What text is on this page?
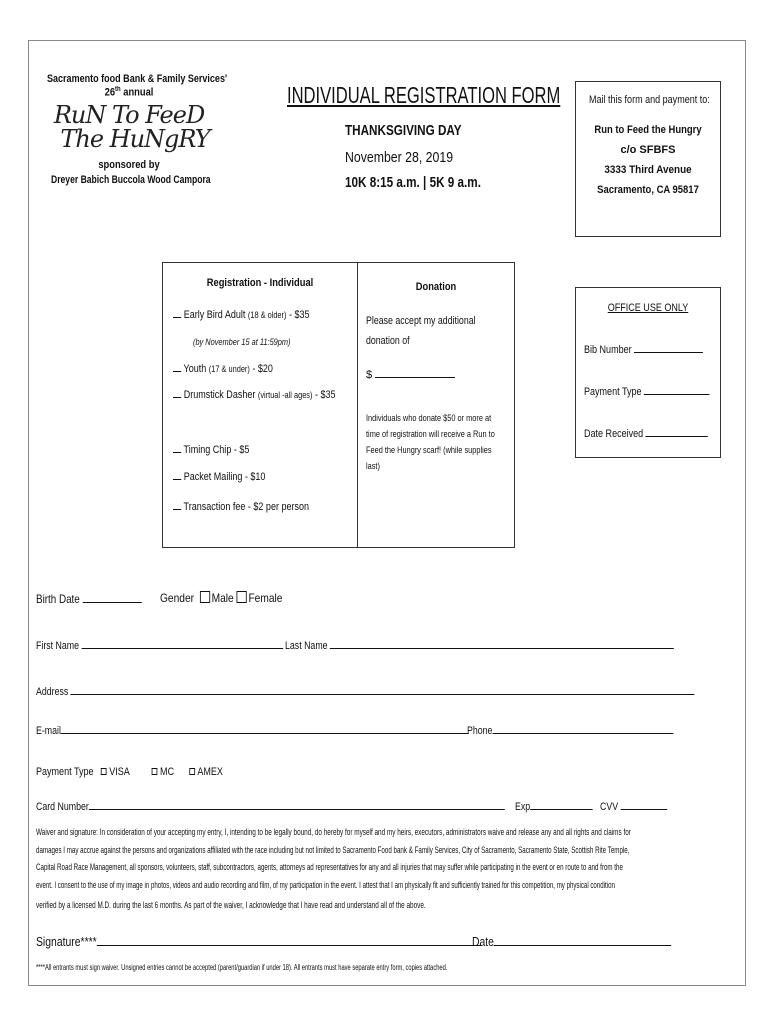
Sacramento food Bank & Family Services'
26th annual
RuN To FeeD
The HuNgRY
sponsored by
Dreyer Babich Buccola Wood Campora
INDIVIDUAL REGISTRATION FORM
THANKSGIVING DAY
November 28, 2019
10K 8:15 a.m. | 5K 9 a.m.
Mail this form and payment to:
Run to Feed the Hungry
c/o SFBFS
3333 Third Avenue
Sacramento, CA 95817
Registration - Individual
Early Bird Adult (18 & older) - $35
(by November 15 at 11:59pm)
Youth (17 & under) - $20
Drumstick Dasher (virtual -all ages) - $35
Timing Chip - $5
Packet Mailing - $10
Transaction fee - $2 per person
Donation
Please accept my additional
donation of
$
Individuals who donate $50 or more at
time of registration will receive a Run to
Feed the Hungry scarf! (while supplies
last)
OFFICE USE ONLY
Bib Number
Payment Type
Date Received
Birth Date	Gender Male Female
First Name	Last Name
Address
E-mail	Phone
Payment Type VISA	MC AMEX
Card Number	Exp	CVV
Waiver and signature: In consideration of your accepting my entry, I, intending to be legally bound, do hereby for myself and my heirs, executors, administrators waive and release any and all rights and claims for
damages I may accrue against the persons and organizations affiliated with the race including but not limited to Sacramento Food bank & Family Services, City of Sacramento, Sacramento State, Scottish Rite Temple,
Capital Road Race Management, all sponsors, volunteers, staff, subcontractors, agents, attorneys ad representatives for any and all injuries that may suffer while participating in the event or en route to and from the
event. I consent to the use of my image in photos, videos and audio recording and film, of my participation in the event. I attest that I am physically fit and sufficiently trained for this competition, my physical condition
verified by a licensed M.D. during the last 6 months. As part of the waiver, I acknowledge that I have read and understand all of the above.
Signature****	Date
****All entrants must sign waiver. Unsigned entries cannot be accepted (parent/guardian if under 18). All entrants must have separate entry form, copies attached.
